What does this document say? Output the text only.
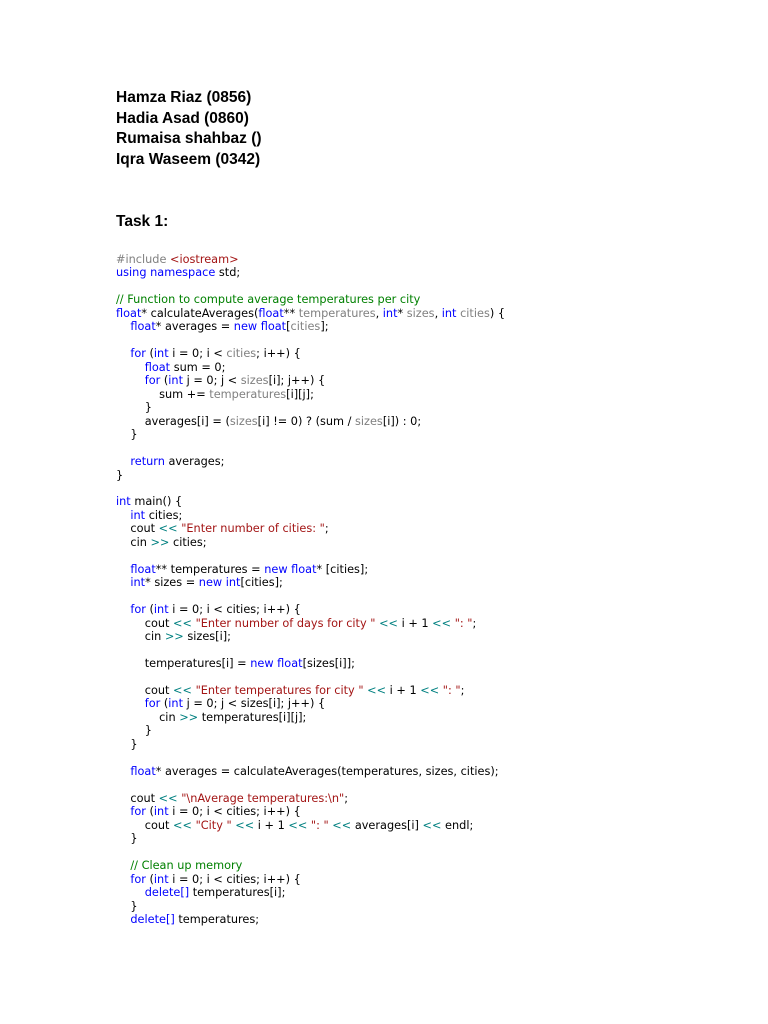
Hamza Riaz (0856)
Hadia Asad (0860)
Rumaisa shahbaz ()
Iqra Waseem (0342)
Task 1:
#include <iostream>
using namespace std;
// Function to compute average temperatures per city
float* calculateAverages(float** temperatures, int* sizes, int cities) {
float* averages = new float[cities];
for (int i = 0; i < cities; i++) {
float sum = 0;
for (int j = 0; j < sizes[i]; j++) {
sum += temperatures[i][j];
}
averages[i] = (sizes[i] != 0) ? (sum / sizes[i]) : 0;
}
return averages;
}
int main() {
int cities;
cout << "Enter number of cities: ";
cin >> cities;
float** temperatures = new float* [cities];
int* sizes = new int[cities];
for (int i = 0; i < cities; i++) {
cout << "Enter number of days for city " << i + 1 << ": ";
cin >> sizes[i];
temperatures[i] = new float[sizes[i]];
cout << "Enter temperatures for city " << i + 1 << ": ";
for (int j = 0; j < sizes[i]; j++) {
cin >> temperatures[i][j];
}
}
float* averages = calculateAverages(temperatures, sizes, cities);
cout << "\nAverage temperatures:\n";
for (int i = 0; i < cities; i++) {
cout << "City " << i + 1 << ": " << averages[i] << endl;
}
// Clean up memory
for (int i = 0; i < cities; i++) {
delete[] temperatures[i];
}
delete[] temperatures;
